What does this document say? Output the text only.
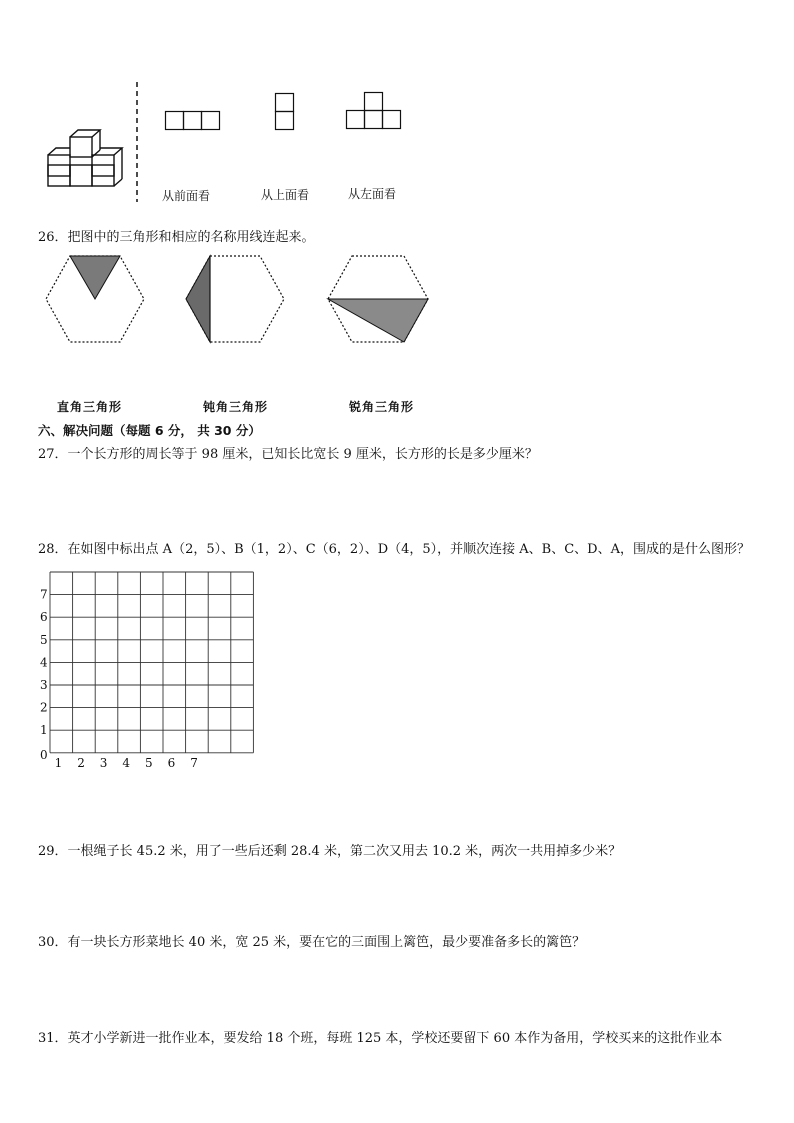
从前面看	从上面看	从左面看
26．把图中的三角形和相应的名称用线连起来。
直角三角形	钝角三角形	锐角三角形
六、解决问题（每题 6 分， 共 30 分）
27．一个长方形的周长等于 98 厘米，已知长比宽长 9 厘米，长方形的长是多少厘米？
28．在如图中标出点 A（2，5）、B（1，2）、C（6，2）、D（4，5），并顺次连接 A、B、C、D、A，围成的是什么图形？
0
1 2 3 4 5 6 7
1
2
3
4
5
6
7
29．一根绳子长 45.2 米，用了一些后还剩 28.4 米，第二次又用去 10.2 米，两次一共用掉多少米？
30．有一块长方形菜地长 40 米，宽 25 米，要在它的三面围上篱笆，最少要准备多长的篱笆？
31．英才小学新进一批作业本，要发给 18 个班，每班 125 本，学校还要留下 60 本作为备用，学校买来的这批作业本
